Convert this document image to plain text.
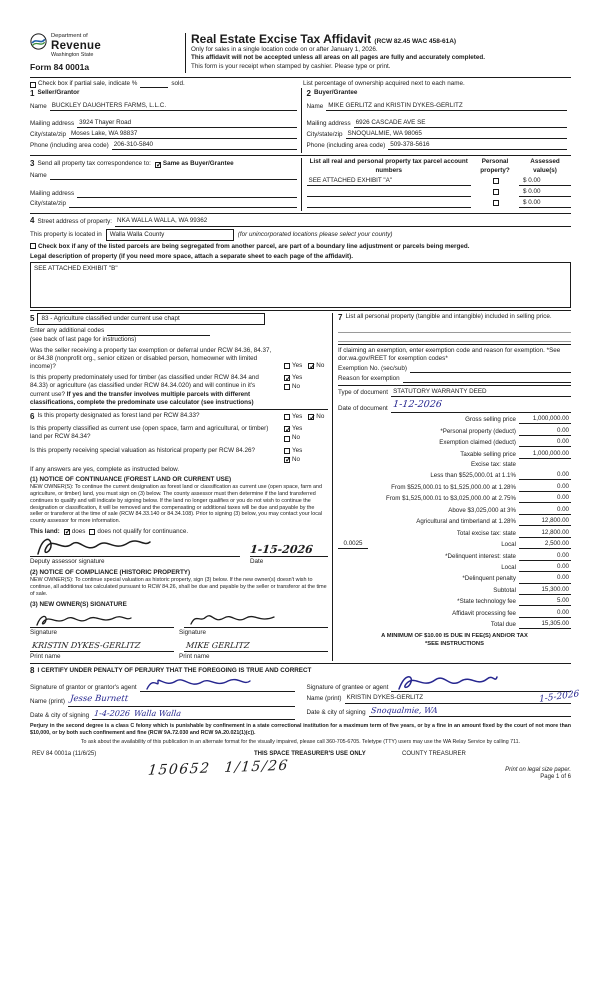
Department of
Revenue
Washington State
Form 84 0001a
Real Estate Excise Tax Affidavit (RCW 82.45 WAC 458-61A)
Only for sales in a single location code on or after January 1, 2026.
This affidavit will not be accepted unless all areas on all pages are fully and accurately completed.
This form is your receipt when stamped by cashier. Please type or print.
Check box if partial sale, indicate %	sold.	List percentage of ownership acquired next to each name.
1 Seller/Grantor
Name BUCKLEY DAUGHTERS FARMS, L.L.C.
Mailing address 3924 Thayer Road
City/state/zip Moses Lake, WA 98837
Phone (including area code) 206-310-5840
2 Buyer/Grantee
Name MIKE GERLITZ and KRISTIN DYKES-GERLITZ
Mailing address 6926 CASCADE AVE SE
City/state/zip SNOQUALMIE, WA 98065
Phone (including area code) 509-378-5616
3 Send all property tax correspondence to: ✓ Same as Buyer/Grantee
Name
Mailing address
City/state/zip
List all real and personal property tax parcel account numbers
Personal property?
Assessed value(s)
SEE ATTACHED EXHIBIT "A"	$ 0.00
$ 0.00
$ 0.00
4 Street address of property: NKA WALLA WALLA, WA 99362
This property is located in	Walla Walla County	(for unincorporated locations please select your county)
Check box if any of the listed parcels are being segregated from another parcel, are part of a boundary line adjustment or parcels being merged.
Legal description of property (if you need more space, attach a separate sheet to each page of the affidavit).
SEE ATTACHED EXHIBIT "B"
5	83 - Agriculture classified under current use chapt
Enter any additional codes
(see back of last page for instructions)
Was the seller receiving a property tax exemption or deferral under RCW 84.36, 84.37, or 84.38 (nonprofit org., senior citizen or disabled person, homeowner with limited income)?	Yes ✓ No
Is this property predominately used for timber (as classified under RCW 84.34 and 84.33) or agriculture (as classified under RCW 84.34.020) and will continue in it's current use? If yes and the transfer involves multiple parcels with different classifications, complete the predominate use calculator (see instructions)
✓
Yes
No
6 Is this property designated as forest land per RCW 84.33?	Yes ✓ No
Is this property classified as current use (open space, farm and agricultural, or timber) land per RCW 84.34?
✓
Yes
No
Is this property receiving special valuation as historical property per RCW 84.26?	Yes
✓
No
If any answers are yes, complete as instructed below.
(1) NOTICE OF CONTINUANCE (FOREST LAND OR CURRENT USE)
NEW OWNER(S): To continue the current designation as forest land or classification as current use (open space, farm and agriculture, or timber) land, you must sign on (3) below. The county assessor must then determine if the land transferred continues to qualify and will indicate by signing below. If the land no longer qualifies or you do not wish to continue the designation or classification, it will be removed and the compensating or additional taxes will be due and payable by the seller or transferor at the time of sale (RCW 84.33.140 or 84.34.108). Prior to signing (3) below, you may contact your local county assessor for more information.
This land: ✓ does does not qualify for continuance.
1-15-2026
Deputy assessor signature	Date
(2) NOTICE OF COMPLIANCE (HISTORIC PROPERTY)
NEW OWNER(S): To continue special valuation as historic property, sign (3) below. If the new owner(s) doesn't wish to continue, all additional tax calculated pursuant to RCW 84.26, shall be due and payable by the seller or transferor at the time of sale.
(3) NEW OWNER(S) SIGNATURE
Signature	Signature
KRISTIN DYKES-GERLITZ	MIKE GERLITZ
Print name	Print name
7 List all personal property (tangible and intangible) included in selling price.
If claiming an exemption, enter exemption code and reason for exemption. *See dor.wa.gov/REET for exemption codes*
Exemption No. (sec/sub)
Reason for exemption
Type of document STATUTORY WARRANTY DEED
Date of document 1-12-2026
Gross selling price	1,000,000.00
*Personal property (deduct)	0.00
Exemption claimed (deduct)	0.00
Taxable selling price	1,000,000.00
Excise tax: state
Less than $525,000.01 at 1.1%	0.00
From $525,000.01 to $1,525,000.00 at 1.28%	0.00
From $1,525,000.01 to $3,025,000.00 at 2.75%	0.00
Above $3,025,000 at 3%	0.00
Agricultural and timberland at 1.28%	12,800.00
Total excise tax: state	12,800.00
0.0025	Local	2,500.00
*Delinquent interest: state	0.00
Local	0.00
*Delinquent penalty	0.00
Subtotal	15,300.00
*State technology fee	5.00
Affidavit processing fee	0.00
Total due	15,305.00
A MINIMUM OF $10.00 IS DUE IN FEE(S) AND/OR TAX
*SEE INSTRUCTIONS
8 I CERTIFY UNDER PENALTY OF PERJURY THAT THE FOREGOING IS TRUE AND CORRECT
Signature of grantor or grantor's agent
Name (print) Jesse Burnett
Date & city of signing 1-4-2026 Walla Walla
Signature of grantee or agent
Name (print) KRISTIN DYKES-GERLITZ
Date & city of signing Snoqualmie, WA
1-5-2026
Perjury in the second degree is a class C felony which is punishable by confinement in a state correctional institution for a maximum term of five years, or by a fine in an amount fixed by the court of not more than $10,000, or by both such confinement and fine (RCW 9A.72.030 and RCW 9A.20.021(1)(c)).
To ask about the availability of this publication in an alternate format for the visually impaired, please call 360-705-6705. Teletype (TTY) users may use the WA Relay Service by calling 711.
REV 84 0001a (11/6/25)	THIS SPACE TREASURER'S USE ONLY	COUNTY TREASURER
Print on legal size paper.
Page 1 of 6
150652 1/15/26
